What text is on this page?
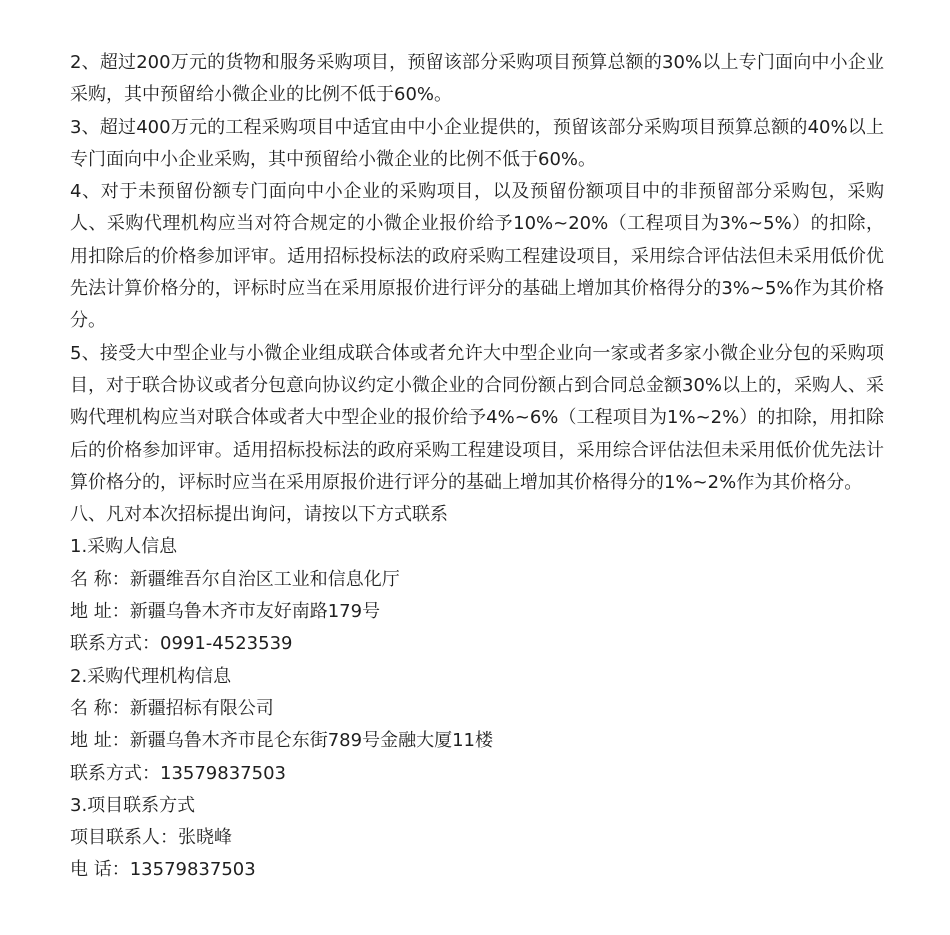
2、超过200万元的货物和服务采购项目，预留该部分采购项目预算总额的30%以上专门面向中小企业采购，其中预留给小微企业的比例不低于60%。

3、超过400万元的工程采购项目中适宜由中小企业提供的，预留该部分采购项目预算总额的40%以上专门面向中小企业采购，其中预留给小微企业的比例不低于60%。

4、对于未预留份额专门面向中小企业的采购项目，以及预留份额项目中的非预留部分采购包，采购人、采购代理机构应当对符合规定的小微企业报价给予10%~20%（工程项目为3%~5%）的扣除，用扣除后的价格参加评审。适用招标投标法的政府采购工程建设项目，采用综合评估法但未采用低价优先法计算价格分的，评标时应当在采用原报价进行评分的基础上增加其价格得分的3%~5%作为其价格分。

5、接受大中型企业与小微企业组成联合体或者允许大中型企业向一家或者多家小微企业分包的采购项目，对于联合协议或者分包意向协议约定小微企业的合同份额占到合同总金额30%以上的，采购人、采购代理机构应当对联合体或者大中型企业的报价给予4%~6%（工程项目为1%~2%）的扣除，用扣除后的价格参加评审。适用招标投标法的政府采购工程建设项目，采用综合评估法但未采用低价优先法计算价格分的，评标时应当在采用原报价进行评分的基础上增加其价格得分的1%~2%作为其价格分。

八、凡对本次招标提出询问，请按以下方式联系
1.采购人信息
名 称：新疆维吾尔自治区工业和信息化厅
地 址：新疆乌鲁木齐市友好南路179号
联系方式：0991-4523539
2.采购代理机构信息
名 称：新疆招标有限公司
地 址：新疆乌鲁木齐市昆仑东街789号金融大厦11楼
联系方式：13579837503
3.项目联系方式
项目联系人：张晓峰
电 话：13579837503
